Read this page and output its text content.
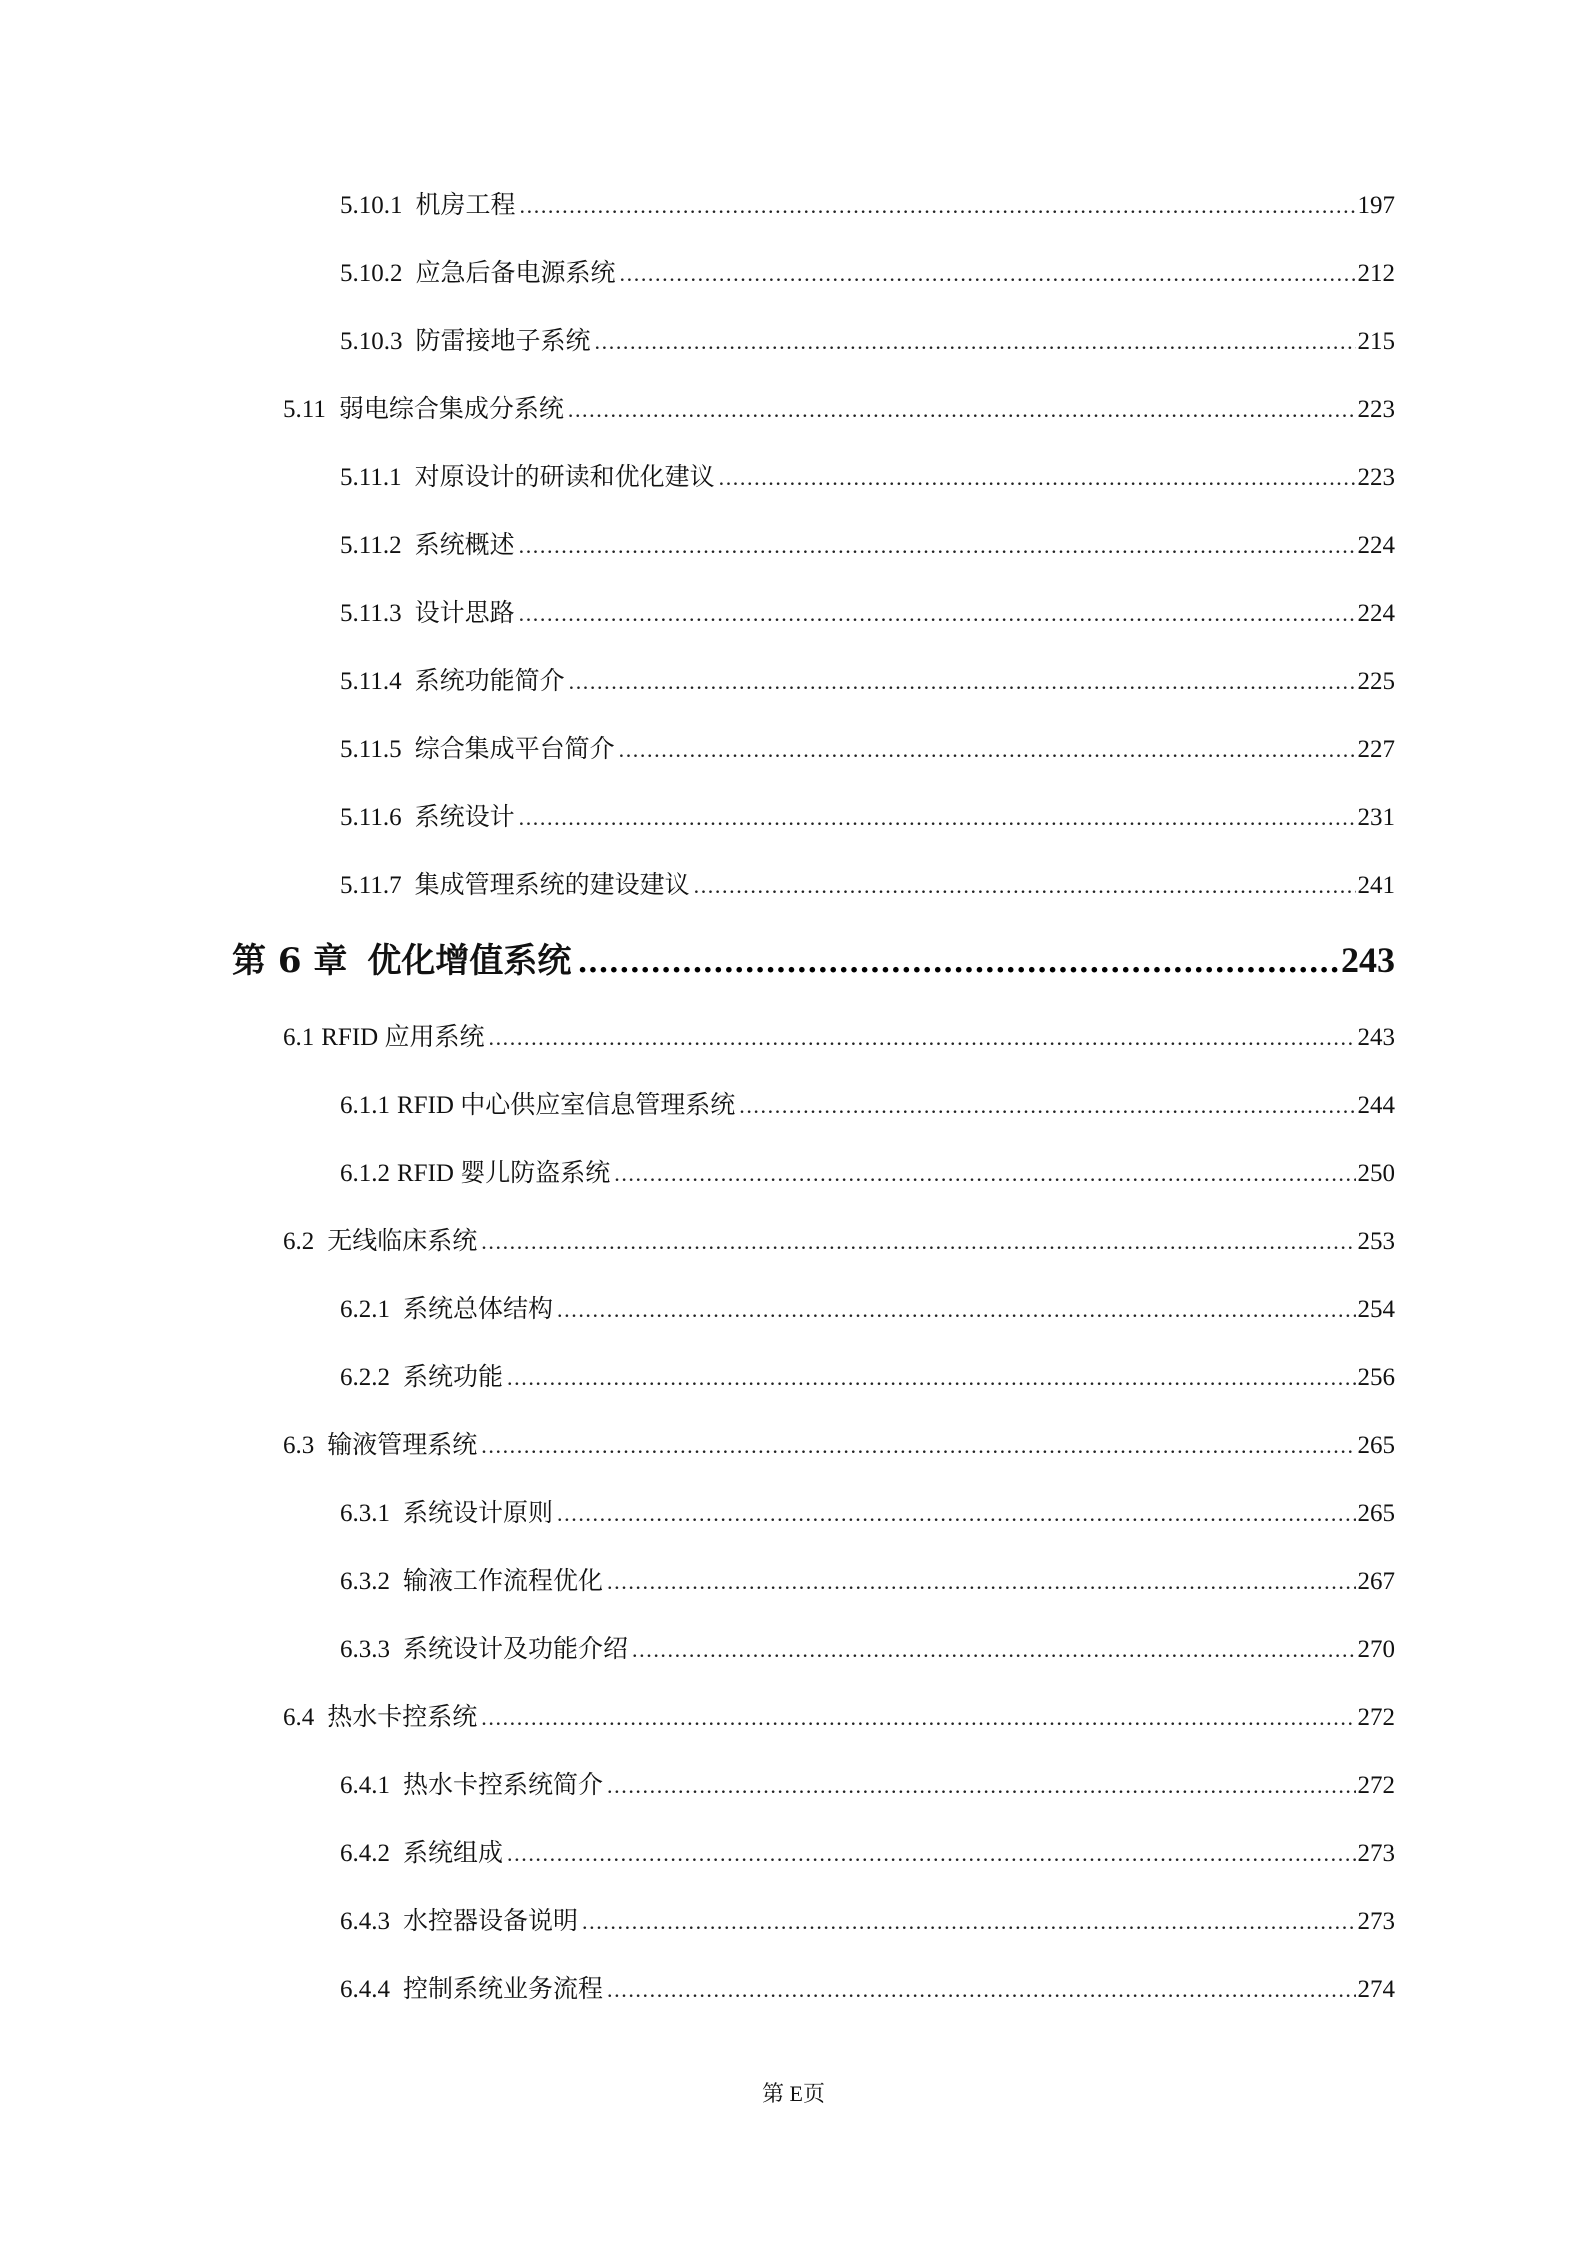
5.10.1 机房工程 .....	197
5.10.2 应急后备电源系统 .....	212
5.10.3 防雷接地子系统 .....	215
5.11 弱电综合集成分系统 .....	223
5.11.1 对原设计的研读和优化建议 .....	223
5.11.2 系统概述 .....	224
5.11.3 设计思路 .....	224
5.11.4 系统功能简介 .....	225
5.11.5 综合集成平台简介 .....	227
5.11.6 系统设计 .....	231
5.11.7 集成管理系统的建设建议 .....	241
第 6 章 优化增值系统 .....	243
6.1 RFID 应用系统 .....	243
6.1.1 RFID 中心供应室信息管理系统 .....	244
6.1.2 RFID 婴儿防盗系统 .....	250
6.2 无线临床系统 .....	253
6.2.1 系统总体结构 .....	254
6.2.2 系统功能 .....	256
6.3 输液管理系统 .....	265
6.3.1 系统设计原则 .....	265
6.3.2 输液工作流程优化 .....	267
6.3.3 系统设计及功能介绍 .....	270
6.4 热水卡控系统 .....	272
6.4.1 热水卡控系统简介 .....	272
6.4.2 系统组成 .....	273
6.4.3 水控器设备说明 .....	273
6.4.4 控制系统业务流程 .....	274
第 E页
